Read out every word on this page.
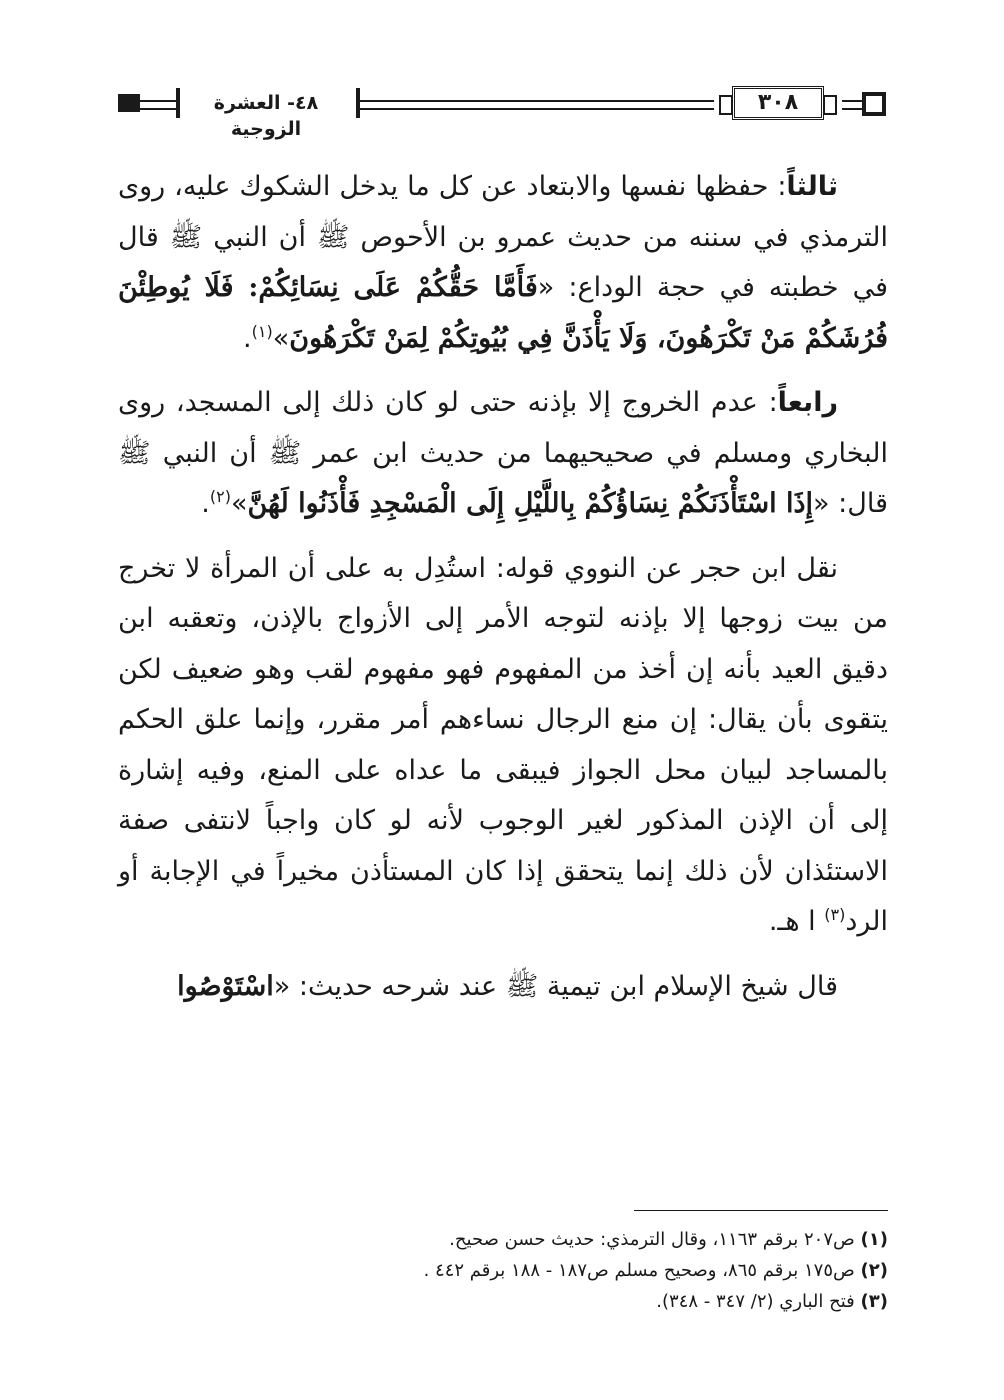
٤٨- العشرة الزوجية
٣٠٨

ثالثاً: حفظها نفسها والابتعاد عن كل ما يدخل الشكوك عليه، روى الترمذي في سننه من حديث عمرو بن الأحوص ﷺ أن النبي ﷺ قال في خطبته في حجة الوداع: «فَأَمَّا حَقُّكُمْ عَلَى نِسَائِكُمْ: فَلَا يُوطِئْنَ فُرُشَكُمْ مَنْ تَكْرَهُونَ، وَلَا يَأْذَنَّ فِي بُيُوتِكُمْ لِمَنْ تَكْرَهُونَ»$^{(١)}$.

رابعاً: عدم الخروج إلا بإذنه حتى لو كان ذلك إلى المسجد، روى البخاري ومسلم في صحيحيهما من حديث ابن عمر ﷺ أن النبي ﷺ قال: «إِذَا اسْتَأْذَنَكُمْ نِسَاؤُكُمْ بِاللَّيْلِ إِلَى الْمَسْجِدِ فَأْذَنُوا لَهُنَّ»$^{(٢)}$.

نقل ابن حجر عن النووي قوله: استُدِل به على أن المرأة لا تخرج من بيت زوجها إلا بإذنه لتوجه الأمر إلى الأزواج بالإذن، وتعقبه ابن دقيق العيد بأنه إن أخذ من المفهوم فهو مفهوم لقب وهو ضعيف لكن يتقوى بأن يقال: إن منع الرجال نساءهم أمر مقرر، وإنما علق الحكم بالمساجد لبيان محل الجواز فيبقى ما عداه على المنع، وفيه إشارة إلى أن الإذن المذكور لغير الوجوب لأنه لو كان واجباً لانتفى صفة الاستئذان لأن ذلك إنما يتحقق إذا كان المستأذن مخيراً في الإجابة أو الرد$^{(٣)}$ ا هـ.

قال شيخ الإسلام ابن تيمية ﷺ عند شرحه حديث: «اسْتَوْصُوا

(١) ص٢٠٧ برقم ١١٦٣، وقال الترمذي: حديث حسن صحيح.

(٢) ص١٧٥ برقم ٨٦٥، وصحيح مسلم ص١٨٧ - ١٨٨ برقم ٤٤٢ .

(٣) فتح الباري (٢/ ٣٤٧ - ٣٤٨).
